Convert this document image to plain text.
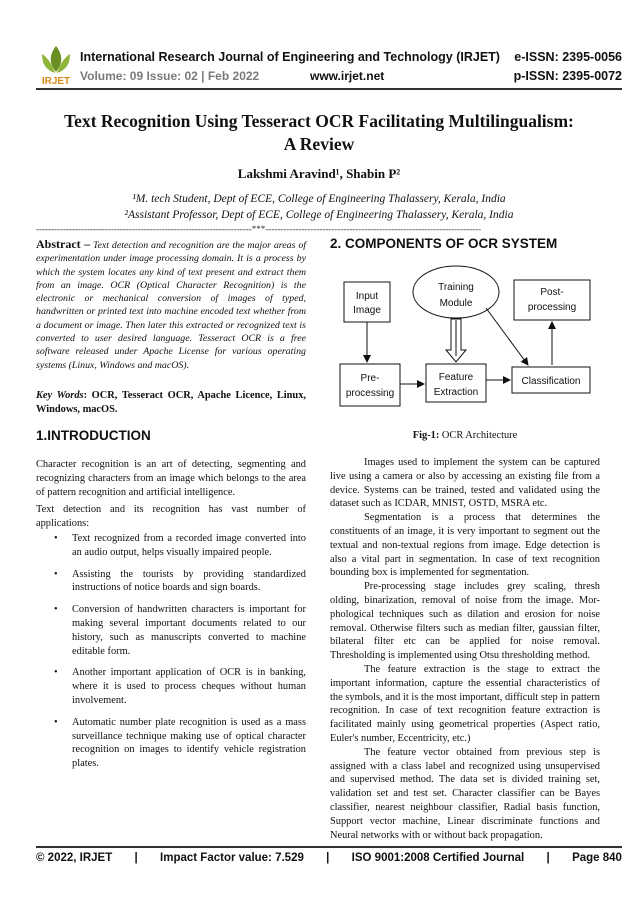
IRJET
International Research Journal of Engineering and Technology (IRJET) e-ISSN: 2395-0056
Volume: 09 Issue: 02 | Feb 2022	www.irjet.net	p-ISSN: 2395-0072
Text Recognition Using Tesseract OCR Facilitating Multilingualism:
A Review
Lakshmi Aravind¹, Shabin P²
¹M. tech Student, Dept of ECE, College of Engineering Thalassery, Kerala, India
²Assistant Professor, Dept of ECE, College of Engineering Thalassery, Kerala, India
------------------------------------------------------------------------***------------------------------------------------------------------------
Abstract – Text detection and recognition are the major areas of experimentation under image processing domain. It is a process by which the system locates any kind of text present and extract them from an image. OCR (Optical Character Recognition) is the electronic or mechanical conversion of images of typed, handwritten or printed text into machine encoded text whether from a document or image. Then later this extracted or recognized text is converted to user desired language. Tesseract OCR is a free software released under Apache License for various operating systems (Linux, Windows and macOS).
Key Words: OCR, Tesseract OCR, Apache Licence, Linux, Windows, macOS.
1.INTRODUCTION
Character recognition is an art of detecting, segmenting and recognizing characters from an image which belongs to the area of pattern recognition and artificial intelligence.
Text detection and its recognition has vast number of applications:
• Text recognized from a recorded image converted into an audio output, helps visually impaired people.
• Assisting the tourists by providing standardized instructions of notice boards and sign boards.
• Conversion of handwritten characters is important for making several important documents related to our history, such as manuscripts converted to machine editable form.
• Another important application of OCR is in banking, where it is used to process cheques without human involvement.
• Automatic number plate recognition is used as a mass surveillance technique making use of optical character recognition on images to identify vehicle registration plates.
2. COMPONENTS OF OCR SYSTEM
Input
Image
Training
Module
Post-
processing
Pre-
processing
Feature
Extraction
Classification
Fig-1: OCR Architecture

Images used to implement the system can be captured live using a camera or also by accessing an existing file from a device. Systems can be trained, tested and validated using the dataset such as ICDAR, MNIST, OSTD, MSRA etc.

Segmentation is a process that determines the constituents of an image, it is very important to segment out the textual and non-textual regions from image. Edge detection is also a vital part in segmentation. In case of text recognition bounding box is implemented for segmentation.

Pre-processing stage includes grey scaling, thresh olding, binarization, removal of noise from the image. Mor-phological techniques such as dilation and erosion for noise removal. Otherwise filters such as median filter, gaussian filter, bilateral filter etc can be applied for noise removal. Thresholding is implemented using Otsu thresholding method.

The feature extraction is the stage to extract the important information, capture the essential characteristics of the symbols, and it is the most important, difficult step in pattern recognition. In case of text recognition feature extraction is facilitated mainly using geometrical properties (Aspect ratio, Euler's number, Eccentricity, etc.)

The feature vector obtained from previous step is assigned with a class label and recognized using unsupervised and supervised method. The data set is divided training set, validation set and test set. Character classifier can be Bayes classifier, nearest neighbour classifier, Radial basis function, Support vector machine, Linear discriminate functions and Neural networks with or without back propagation.

© 2022, IRJET | Impact Factor value: 7.529 | ISO 9001:2008 Certified Journal | Page 840
